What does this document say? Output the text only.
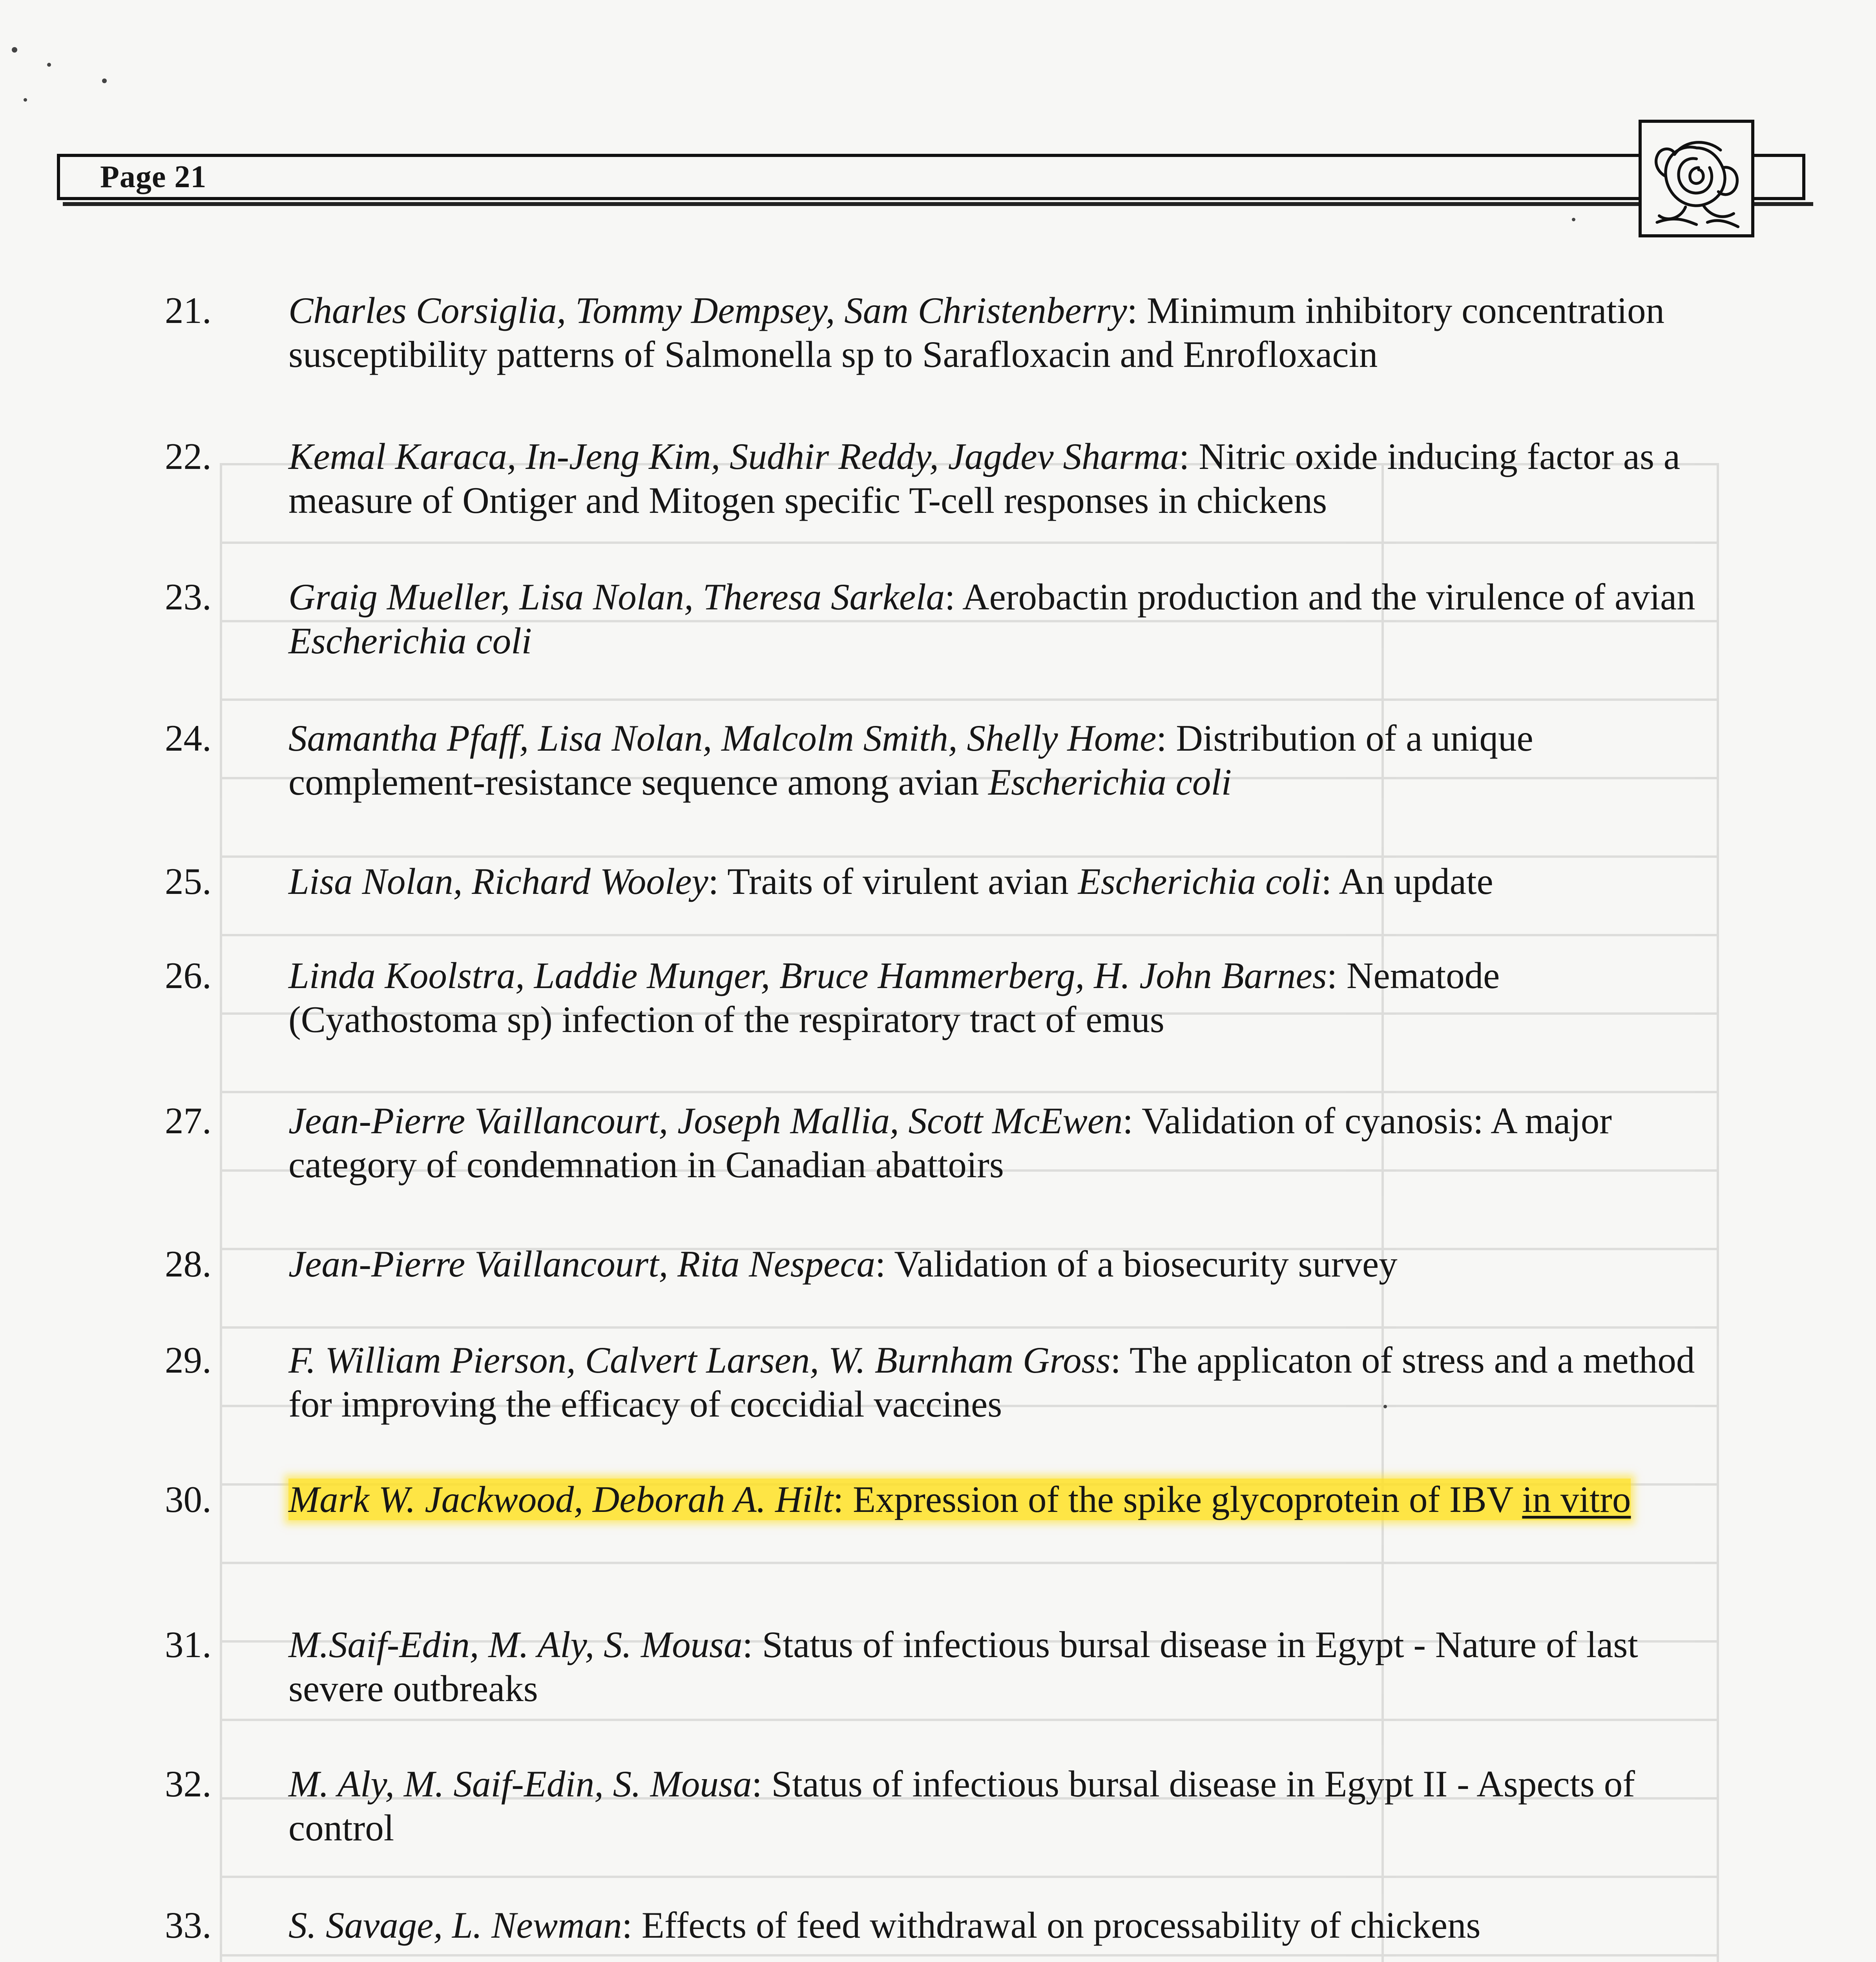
Page 21
21. Charles Corsiglia, Tommy Dempsey, Sam Christenberry: Minimum inhibitory concentration susceptibility patterns of Salmonella sp to Sarafloxacin and Enrofloxacin
22. Kemal Karaca, In-Jeng Kim, Sudhir Reddy, Jagdev Sharma: Nitric oxide inducing factor as a measure of Ontiger and Mitogen specific T-cell responses in chickens
23. Graig Mueller, Lisa Nolan, Theresa Sarkela: Aerobactin production and the virulence of avian Escherichia coli
24. Samantha Pfaff, Lisa Nolan, Malcolm Smith, Shelly Home: Distribution of a unique complement-resistance sequence among avian Escherichia coli
25. Lisa Nolan, Richard Wooley: Traits of virulent avian Escherichia coli: An update
26. Linda Koolstra, Laddie Munger, Bruce Hammerberg, H. John Barnes: Nematode (Cyathostoma sp) infection of the respiratory tract of emus
27. Jean-Pierre Vaillancourt, Joseph Mallia, Scott McEwen: Validation of cyanosis: A major category of condemnation in Canadian abattoirs
28. Jean-Pierre Vaillancourt, Rita Nespeca: Validation of a biosecurity survey
29. F. William Pierson, Calvert Larsen, W. Burnham Gross: The applicaton of stress and a method for improving the efficacy of coccidial vaccines
30. Mark W. Jackwood, Deborah A. Hilt: Expression of the spike glycoprotein of IBV in vitro
31. M.Saif-Edin, M. Aly, S. Mousa: Status of infectious bursal disease in Egypt - Nature of last severe outbreaks
32. M. Aly, M. Saif-Edin, S. Mousa: Status of infectious bursal disease in Egypt II - Aspects of control
33. S. Savage, L. Newman: Effects of feed withdrawal on processability of chickens
